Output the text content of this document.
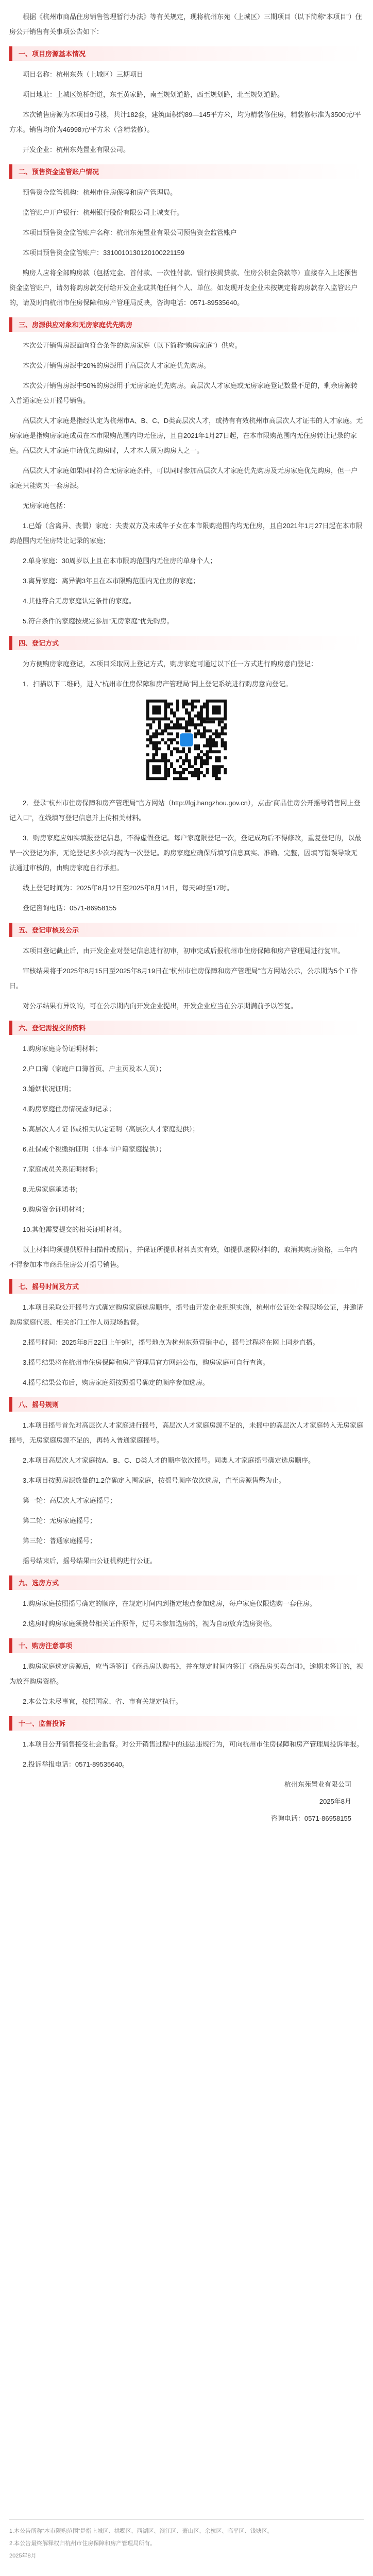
根据《杭州市商品住房销售管理暂行办法》等有关规定，现将杭州东苑（上城区）三期项目（以下简称“本项目”）住房公开销售有关事项公告如下：

一、项目房源基本情况

项目名称：杭州东苑（上城区）三期项目

项目地址：上城区笕桥街道，东至黄家路，南至规划道路，西至规划路，北至规划道路。

本次销售房源为本项目9号楼，共计182套，建筑面积约89—145平方米，均为精装修住房，精装修标准为3500元/平方米。销售均价为46998元/平方米（含精装修）。

开发企业：杭州东苑置业有限公司。

二、预售资金监管账户情况

预售资金监管机构：杭州市住房保障和房产管理局。

监管账户开户银行：杭州银行股份有限公司上城支行。

本项目预售资金监管账户名称：杭州东苑置业有限公司预售资金监管账户

本项目预售资金监管账户：3310010130120100221159

购房人应将全部购房款（包括定金、首付款、一次性付款、银行按揭贷款、住房公积金贷款等）直接存入上述预售资金监管账户，请勿将购房款交付给开发企业或其他任何个人、单位。如发现开发企业未按规定将购房款存入监管账户的，请及时向杭州市住房保障和房产管理局反映，咨询电话：0571-89535640。

三、房源供应对象和无房家庭优先购房

本次公开销售房源面向符合条件的购房家庭（以下简称“购房家庭”）供应。

本次公开销售房源中20%的房源用于高层次人才家庭优先购房。

本次公开销售房源中50%的房源用于无房家庭优先购房。高层次人才家庭或无房家庭登记数量不足的，剩余房源转入普通家庭公开摇号销售。

高层次人才家庭是指经认定为杭州市A、B、C、D类高层次人才，或持有有效杭州市高层次人才证书的人才家庭。无房家庭是指购房家庭成员在本市限购范围内均无住房，且自2021年1月27日起，在本市限购范围内无住房转让记录的家庭。高层次人才家庭申请优先购房时，人才本人须为购房人之一。

高层次人才家庭如果同时符合无房家庭条件，可以同时参加高层次人才家庭优先购房及无房家庭优先购房，但一户家庭只能购买一套房源。

无房家庭包括：

1.已婚（含离异、丧偶）家庭：夫妻双方及未成年子女在本市限购范围内均无住房，且自2021年1月27日起在本市限购范围内无住房转让记录的家庭；

2.单身家庭：30周岁以上且在本市限购范围内无住房的单身个人；

3.离异家庭：离异满3年且在本市限购范围内无住房的家庭；

4.其他符合无房家庭认定条件的家庭。

5.符合条件的家庭按规定参加“无房家庭”优先购房。

四、登记方式

为方便购房家庭登记，本项目采取网上登记方式，购房家庭可通过以下任一方式进行购房意向登记：

1．扫描以下二维码，进入“杭州市住房保障和房产管理局”网上登记系统进行购房意向登记。

2．登录“杭州市住房保障和房产管理局”官方网站（http://fgj.hangzhou.gov.cn），点击“商品住房公开摇号销售网上登记入口”，在线填写登记信息并上传相关材料。

3．购房家庭应如实填报登记信息，不得虚假登记。每户家庭限登记一次，登记成功后不得修改，重复登记的，以最早一次登记为准，无论登记多少次均视为一次登记。购房家庭应确保所填写信息真实、准确、完整，因填写错误导致无法通过审核的，由购房家庭自行承担。

线上登记时间为：2025年8月12日至2025年8月14日，每天9时至17时。

登记咨询电话：0571-86958155

五、登记审核及公示

本项目登记截止后，由开发企业对登记信息进行初审，初审完成后报杭州市住房保障和房产管理局进行复审。

审核结果将于2025年8月15日至2025年8月19日在“杭州市住房保障和房产管理局”官方网站公示，公示期为5个工作日。

对公示结果有异议的，可在公示期内向开发企业提出，开发企业应当在公示期满前予以答复。

六、登记需提交的资料

1.购房家庭身份证明材料；

2.户口簿（家庭户口簿首页、户主页及本人页）；

3.婚姻状况证明；

4.购房家庭住房情况查询记录；

5.高层次人才证书或相关认定证明（高层次人才家庭提供）；

6.社保或个税缴纳证明（非本市户籍家庭提供）；

7.家庭成员关系证明材料；

8.无房家庭承诺书；

9.购房资金证明材料；

10.其他需要提交的相关证明材料。

以上材料均须提供原件扫描件或照片，并保证所提供材料真实有效，如提供虚假材料的，取消其购房资格，三年内不得参加本市商品住房公开摇号销售。

七、摇号时间及方式

1.本项目采取公开摇号方式确定购房家庭选房顺序，摇号由开发企业组织实施，杭州市公证处全程现场公证，并邀请购房家庭代表、相关部门工作人员现场监督。

2.摇号时间：2025年8月22日上午9时，摇号地点为杭州东苑营销中心，摇号过程将在网上同步直播。

3.摇号结果将在杭州市住房保障和房产管理局官方网站公布，购房家庭可自行查询。

4.摇号结果公布后，购房家庭须按照摇号确定的顺序参加选房。

八、摇号规则

1.本项目摇号首先对高层次人才家庭进行摇号，高层次人才家庭房源不足的，未摇中的高层次人才家庭转入无房家庭摇号，无房家庭房源不足的，再转入普通家庭摇号。

2.本项目高层次人才家庭按A、B、C、D类人才的顺序依次摇号。同类人才家庭摇号确定选房顺序。

3.本项目按照房源数量的1.2倍确定入围家庭，按摇号顺序依次选房，直至房源售罄为止。

第一轮：高层次人才家庭摇号；

第二轮：无房家庭摇号；

第三轮：普通家庭摇号；

摇号结束后，摇号结果由公证机构进行公证。

九、选房方式

1.购房家庭按照摇号确定的顺序，在规定时间内到指定地点参加选房，每户家庭仅限选购一套住房。

2.选房时购房家庭须携带相关证件原件，过号未参加选房的，视为自动放弃选房资格。

十、购房注意事项

1.购房家庭选定房源后，应当场签订《商品房认购书》，并在规定时间内签订《商品房买卖合同》，逾期未签订的，视为放弃购房资格。

2.本公告未尽事宜，按照国家、省、市有关规定执行。

十一、监督投诉

1.本项目公开销售接受社会监督。对公开销售过程中的违法违规行为，可向杭州市住房保障和房产管理局投诉举报。

2.投诉举报电话：0571-89535640。

杭州东苑置业有限公司

2025年8月

咨询电话：0571-86958155

1.本公告所称“本市限购范围”是指上城区、拱墅区、西湖区、滨江区、萧山区、余杭区、临平区、钱塘区。

2.本公告最终解释权归杭州市住房保障和房产管理局所有。

2025年8月
